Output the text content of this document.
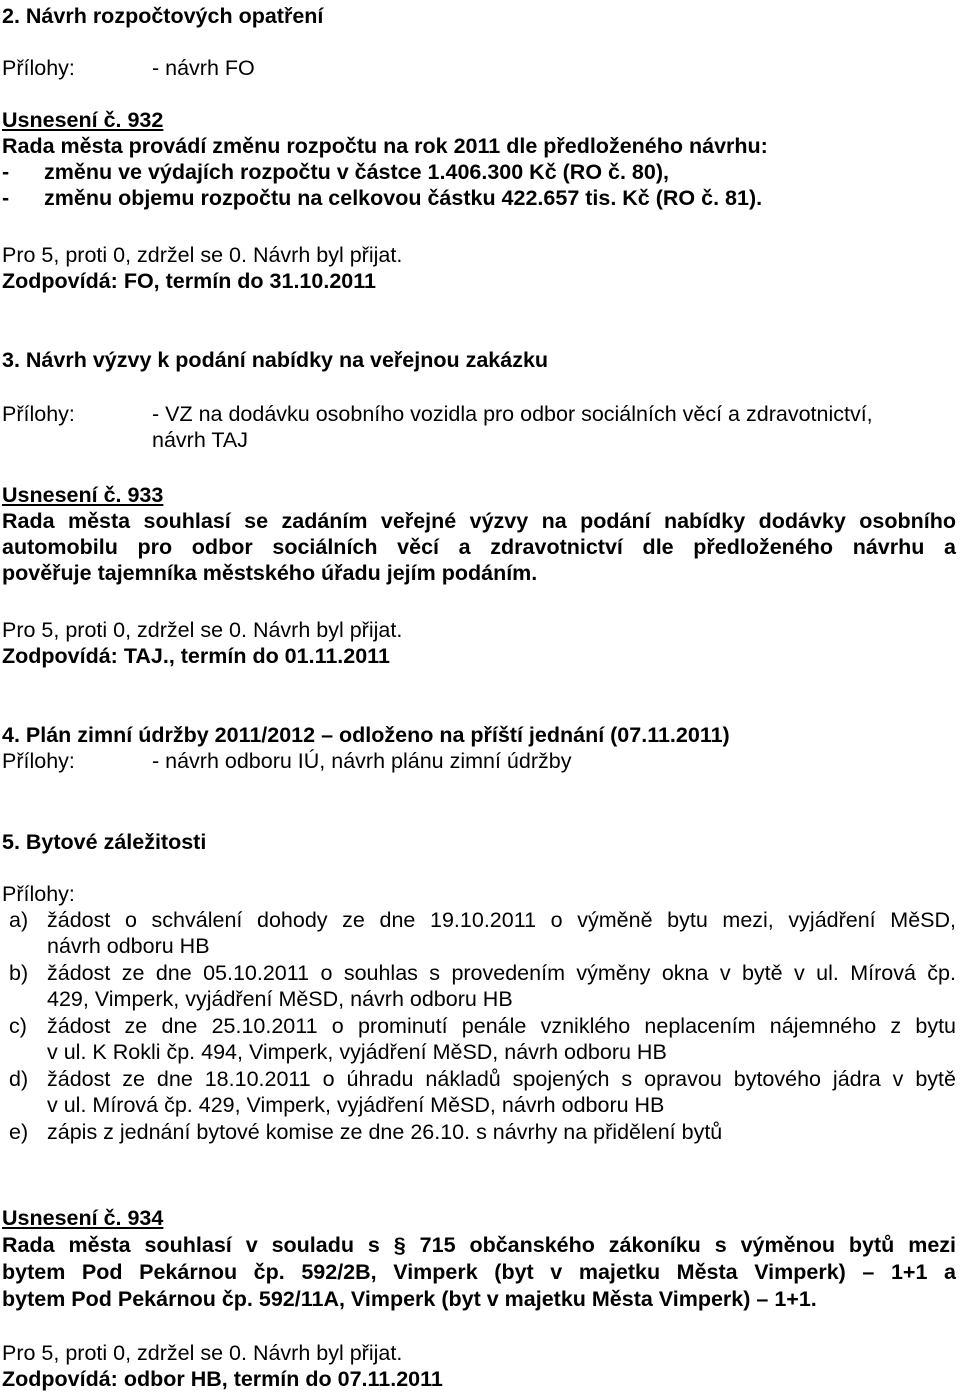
2. Návrh rozpočtových opatření
Přílohy:	- návrh FO
Usnesení č. 932
Rada města provádí změnu rozpočtu na rok 2011 dle předloženého návrhu:
- změnu ve výdajích rozpočtu v částce 1.406.300 Kč (RO č. 80),
- změnu objemu rozpočtu na celkovou částku 422.657 tis. Kč (RO č. 81).
Pro 5, proti 0, zdržel se 0. Návrh byl přijat.
Zodpovídá: FO, termín do 31.10.2011
3. Návrh výzvy k podání nabídky na veřejnou zakázku
Přílohy:	- VZ na dodávku osobního vozidla pro odbor sociálních věcí a zdravotnictví,
návrh TAJ
Usnesení č. 933
Rada města souhlasí se zadáním veřejné výzvy na podání nabídky dodávky osobního
automobilu pro odbor sociálních věcí a zdravotnictví dle předloženého návrhu a
pověřuje tajemníka městského úřadu jejím podáním.
Pro 5, proti 0, zdržel se 0. Návrh byl přijat.
Zodpovídá: TAJ., termín do 01.11.2011
4. Plán zimní údržby 2011/2012 – odloženo na příští jednání (07.11.2011)
Přílohy:	- návrh odboru IÚ, návrh plánu zimní údržby
5. Bytové záležitosti
Přílohy:
a) žádost o schválení dohody ze dne 19.10.2011 o výměně bytu mezi, vyjádření MěSD,
návrh odboru HB
b) žádost ze dne 05.10.2011 o souhlas s provedením výměny okna v bytě v ul. Mírová čp.
429, Vimperk, vyjádření MěSD, návrh odboru HB
c) žádost ze dne 25.10.2011 o prominutí penále vzniklého neplacením nájemného z bytu
v ul. K Rokli čp. 494, Vimperk, vyjádření MěSD, návrh odboru HB
d) žádost ze dne 18.10.2011 o úhradu nákladů spojených s opravou bytového jádra v bytě
v ul. Mírová čp. 429, Vimperk, vyjádření MěSD, návrh odboru HB
e) zápis z jednání bytové komise ze dne 26.10. s návrhy na přidělení bytů
Usnesení č. 934
Rada města souhlasí v souladu s § 715 občanského zákoníku s výměnou bytů mezi
bytem Pod Pekárnou čp. 592/2B, Vimperk (byt v majetku Města Vimperk) – 1+1 a
bytem Pod Pekárnou čp. 592/11A, Vimperk (byt v majetku Města Vimperk) – 1+1.
Pro 5, proti 0, zdržel se 0. Návrh byl přijat.
Zodpovídá: odbor HB, termín do 07.11.2011
